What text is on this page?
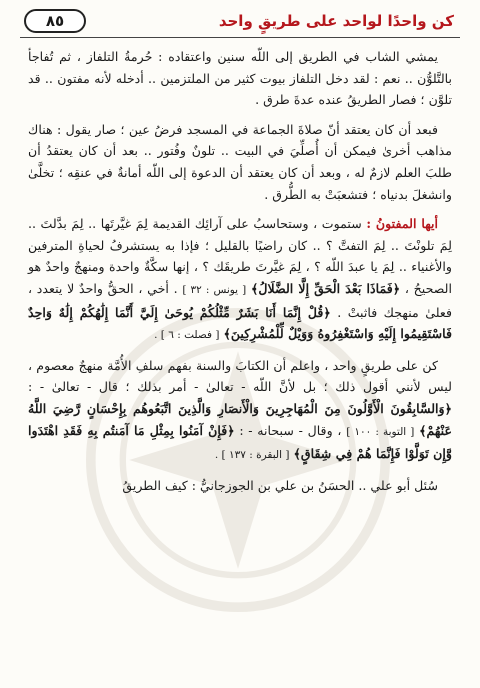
٨٥	كن واحدًا لواحد على طريقٍ واحد

يمشي الشاب في الطريق إلى اللّه سنين واعتقاده : حُرمةُ التلفاز ، ثم تُفاجأ بالتَّلوُّن .. نعم : لقد دخل التلفاز بيوت كثير من الملتزمين .. أدخله لأنه مفتون .. قد تلوَّن ؛ فصار الطريقُ عنده عدةَ طرق .

فبعد أن كان يعتقد أنّ صلاةَ الجماعة في المسجد فرضُ عين ؛ صار يقول : هناك مذاهب أخرىٰ فيمكن أن أُصلِّيَ في البيت .. تلونٌ وفُتور .. بعد أن كان يعتقدُ أن طلبَ العلم لازمٌ له ، وبعد أن كان يعتقد أن الدعوة إلى اللّه أمانةٌ في عنقِه ؛ تخلَّىٰ وانشغلَ بدنياه ؛ فتشعبَتْ به الطُّرق .

أيها المفتونُ : ستموت ، وستحاسبُ على آرائِك القديمة لِمَ غيَّرتَها .. لِمَ بدَّلتَ .. لِمَ تلونْتَ .. لِمَ التفتَّ ؟ .. كان راضيًا بالقليل ؛ فإذا به يستشرفُ لحياةِ المترفين والأغنياء .. لِمَ يا عبدَ اللّه ؟ ، لِمَ غيَّرتَ طريقَك ؟ ، إنها سكَّةٌ واحدة ومنهجٌ واحدٌ هو الصحيحُ ، ﴿فَمَاذَا بَعْدَ الْحَقِّ إِلَّا الضَّلَالُ﴾ [ يونس : ٣٢ ] . أخي ، الحقُّ واحدٌ لا يتعدد ، فعلىٰ منهجك فاثبتْ . ﴿قُلْ إِنَّمَا أَنَا بَشَرٌ مِّثْلُكُمْ يُوحَىٰ إِلَيَّ أَنَّمَا إِلَٰهُكُمْ إِلَٰهٌ وَاحِدٌ فَاسْتَقِيمُوا إِلَيْهِ وَاسْتَغْفِرُوهُ وَوَيْلٌ لِّلْمُشْرِكِينَ﴾ [ فصلت : ٦ ] .

كن على طريقٍ واحد ، واعلم أن الكتابَ والسنة بفهم سلفِ الأُمَّة منهجٌ معصوم ، ليس لأنني أقول ذلك ؛ بل لأنَّ اللّه - تعالىٰ - أمر بذلك ؛ قال - تعالىٰ - : ﴿وَالسَّابِقُونَ الْأَوَّلُونَ مِنَ الْمُهَاجِرِينَ وَالْأَنصَارِ وَالَّذِينَ اتَّبَعُوهُم بِإِحْسَانٍ رَّضِيَ اللَّهُ عَنْهُمْ﴾ [ التوبة : ١٠٠ ] ، وقال - سبحانه - : ﴿فَإِنْ آمَنُوا بِمِثْلِ مَا آمَنتُم بِهِ فَقَدِ اهْتَدَوا وَّإِن تَوَلَّوْا فَإِنَّمَا هُمْ فِي شِقَاقٍ﴾ [ البقرة : ١٣٧ ] .

سُئل أبو علي .. الحسَنُ بن علي بن الجوزجانيُّ : كيف الطريقُ
